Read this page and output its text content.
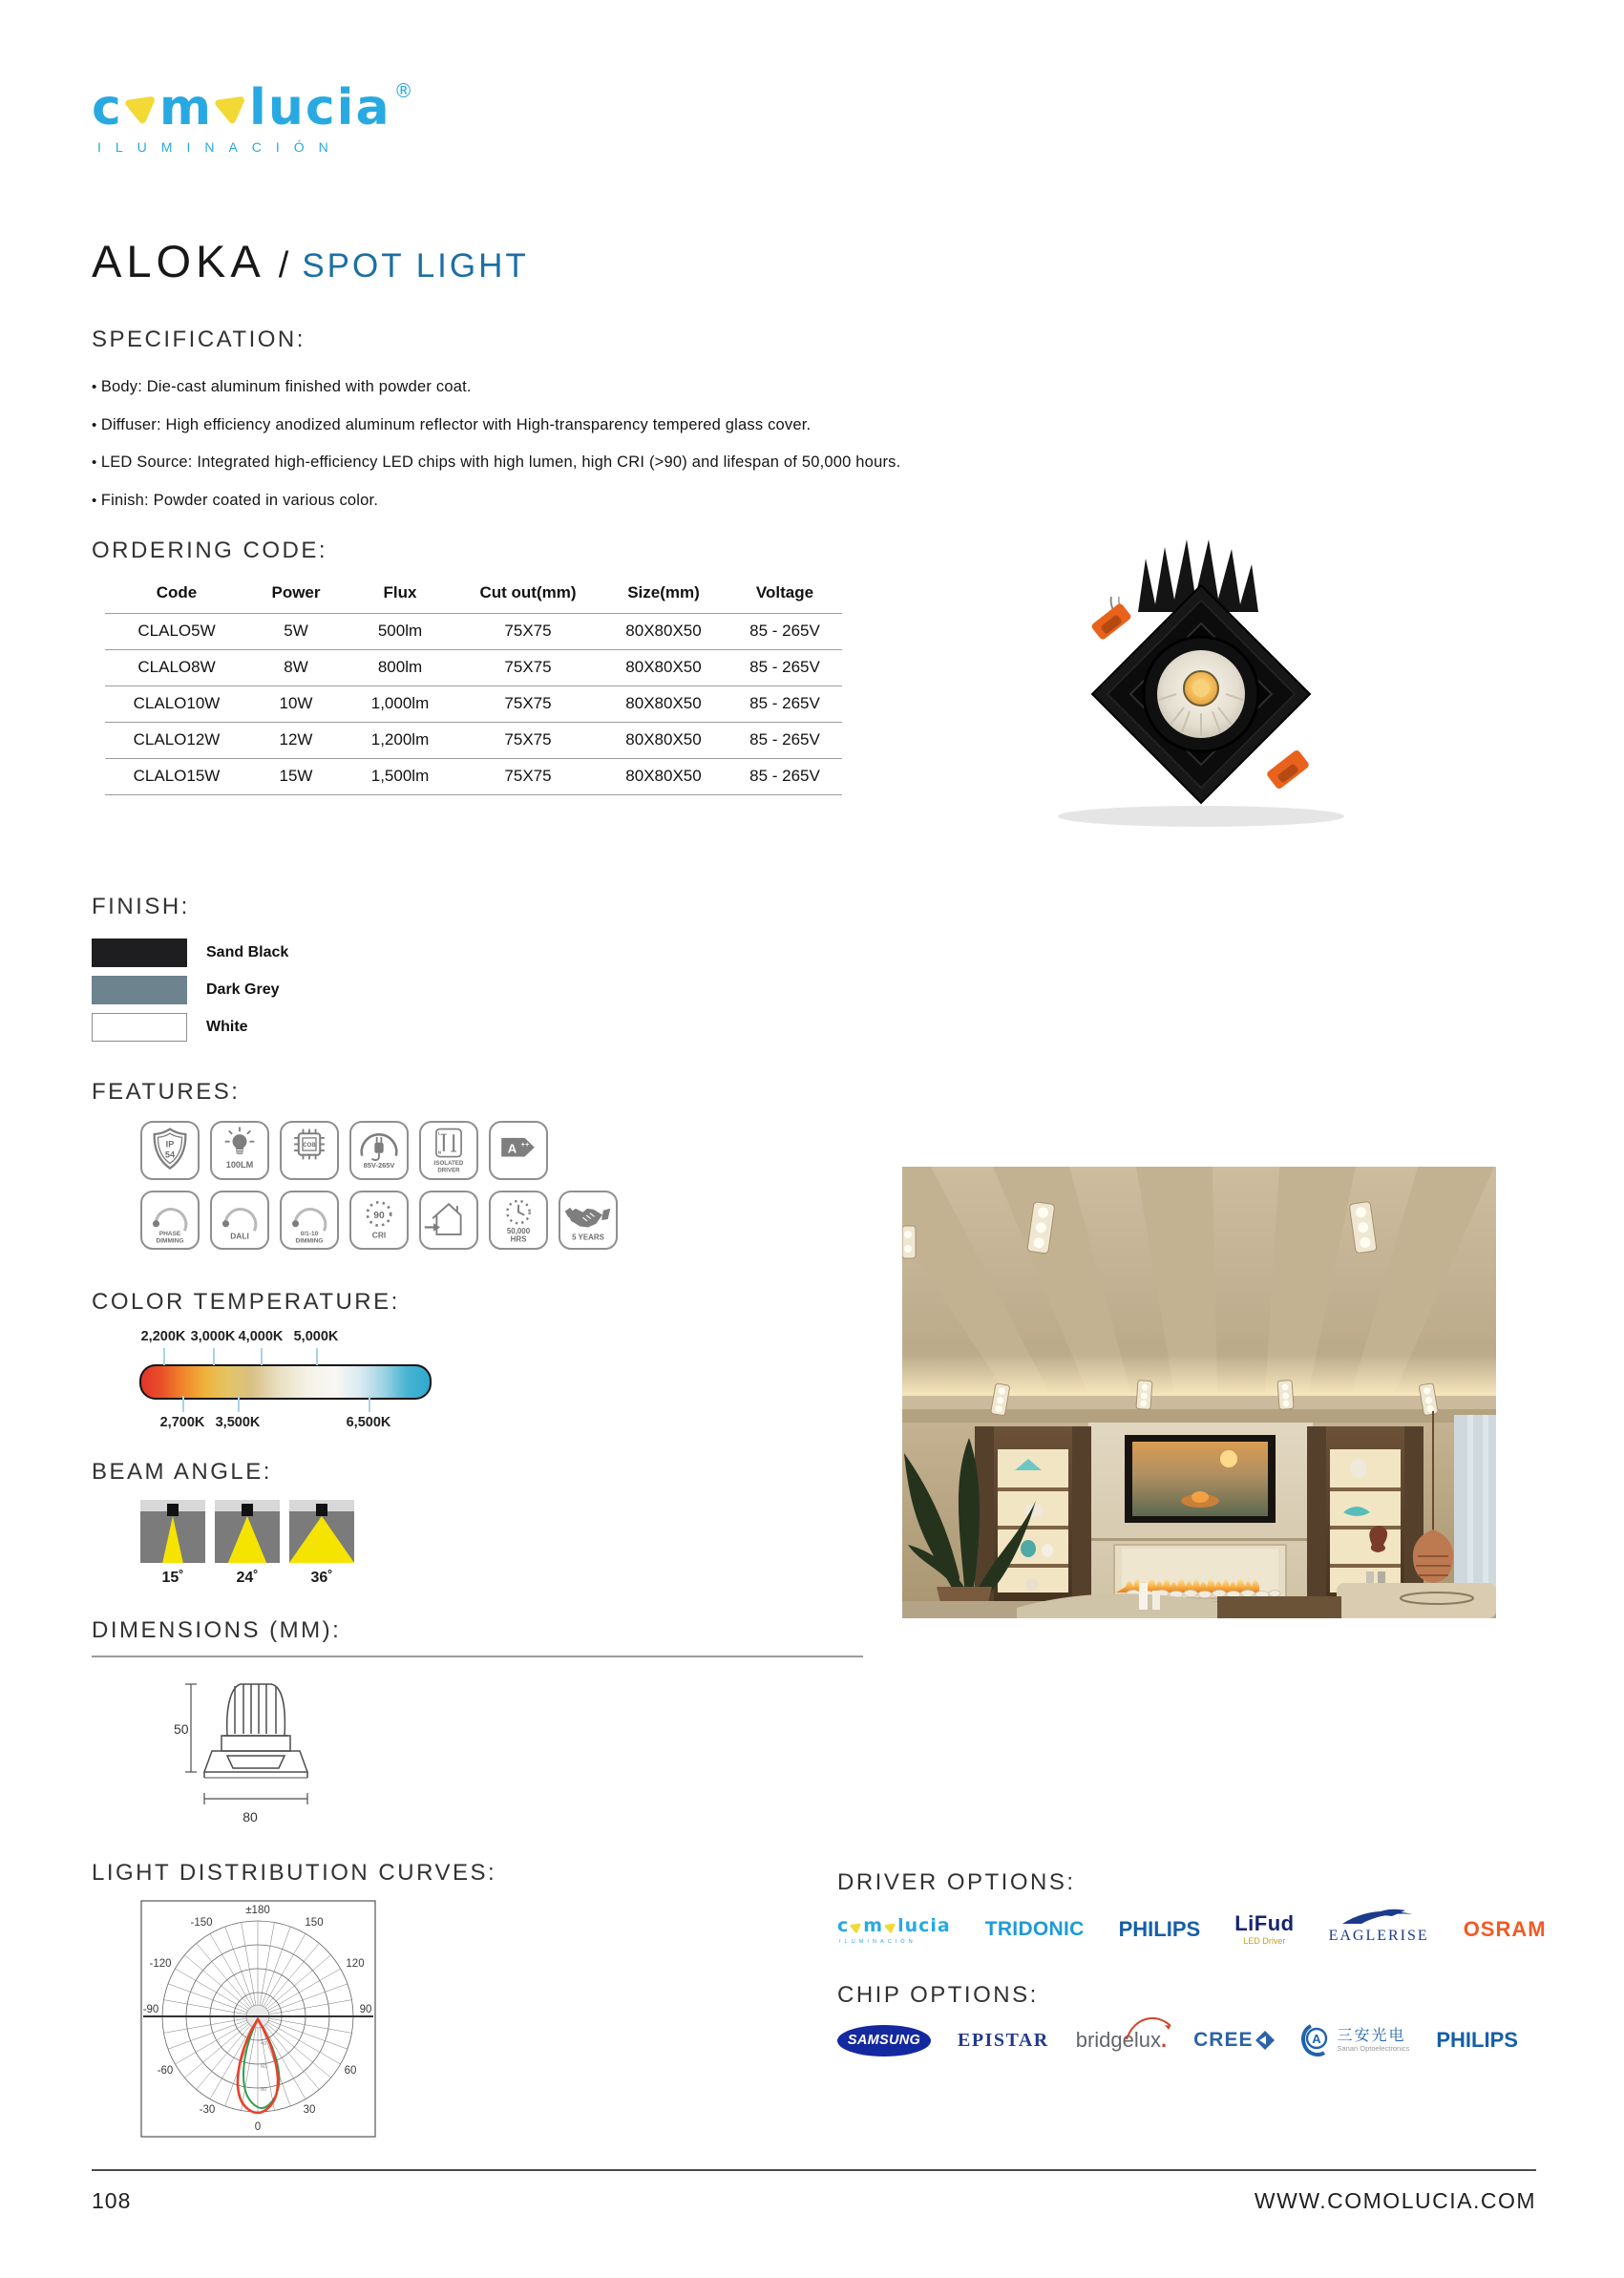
c m lucia ®
ILUMINACIÓN
ALOKA / SPOT LIGHT
SPECIFICATION:
• Body: Die-cast aluminum finished with powder coat.
• Diffuser: High efficiency anodized aluminum reflector with High-transparency tempered glass cover.
• LED Source: Integrated high-efficiency LED chips with high lumen, high CRI (>90) and lifespan of 50,000 hours.
• Finish: Powder coated in various color.
ORDERING CODE:
Code	Power	Flux	Cut out(mm)	Size(mm)	Voltage
CLALO5W	5W	500lm	75X75	80X80X50	85 - 265V
CLALO8W	8W	800lm	75X75	80X80X50	85 - 265V
CLALO10W	10W	1,000lm	75X75	80X80X50	85 - 265V
CLALO12W	12W	1,200lm	75X75	80X80X50	85 - 265V
CLALO15W	15W	1,500lm	75X75	80X80X50	85 - 265V
FINISH:
Sand Black
Dark Grey
White
FEATURES:
IP
54
100LM
COB
85V-265V
L
N
ISOLATED
DRIVER
A ++
PHASE
DIMMING
DALI	0/1-10
DIMMING
90
CRI	50,000
HRS	5 YEARS
COLOR TEMPERATURE:
2,200K 3,000K 4,000K 5,000K
2,700K 3,500K	6,500K
BEAM ANGLE:
15˚	24˚	36˚
DIMENSIONS (MM):
50
80
LIGHT DISTRIBUTION CURVES:
40
60
80
±180
-150	150
-120	120
-90	90
-60	60
-30	30
0
DRIVER OPTIONS:
c m lucia
ILUMINACIÓN
TRIDONIC PHILIPS LiFud
LED Driver	EAGLERISE OSRAM
CHIP OPTIONS:
SAMSUNG	EPISTAR bridgelux. CREE	A 三安光电
Sanan Optoelectronics PHILIPS
108	WWW.COMOLUCIA.COM
